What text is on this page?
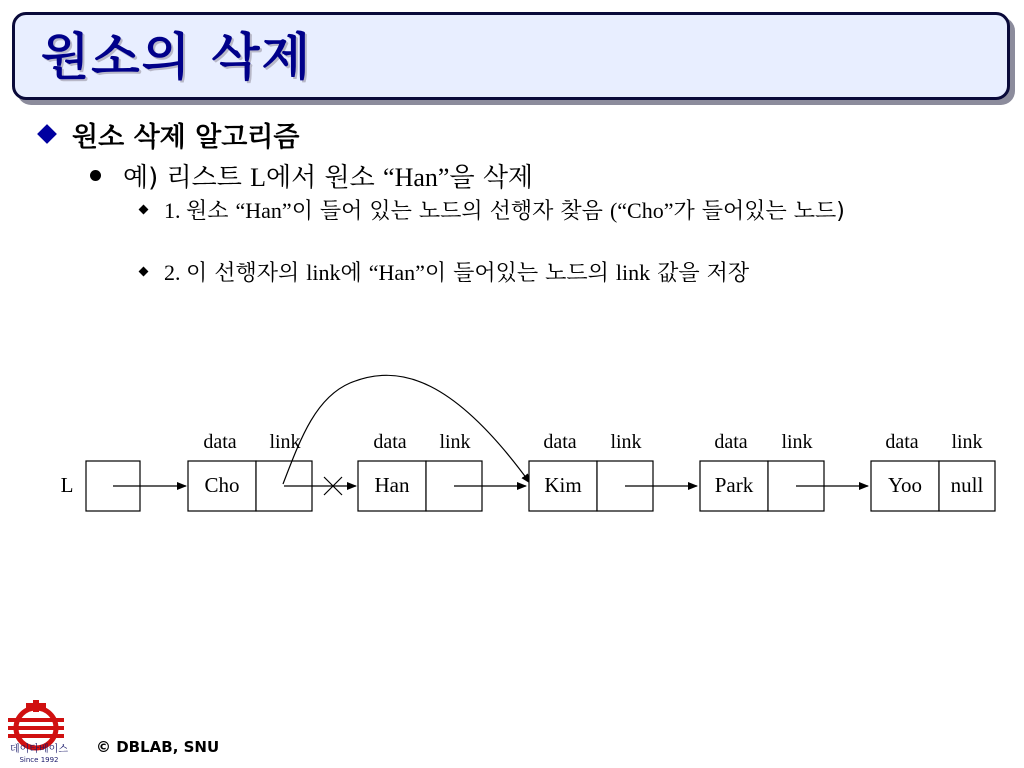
원소의 삭제
원소 삭제 알고리즘
예) 리스트 L에서 원소 “Han”을 삭제
1. 원소 “Han”이 들어 있는 노드의 선행자 찾음 (“Cho”가 들어있는 노드)
2. 이 선행자의 link에 “Han”이 들어있는 노드의 link 값을 저장
L
data link
Cho
data link
Han
data link
Kim
data link
Park
data link
Yoo null
데이타베이스
Since 1992
© DBLAB, SNU
